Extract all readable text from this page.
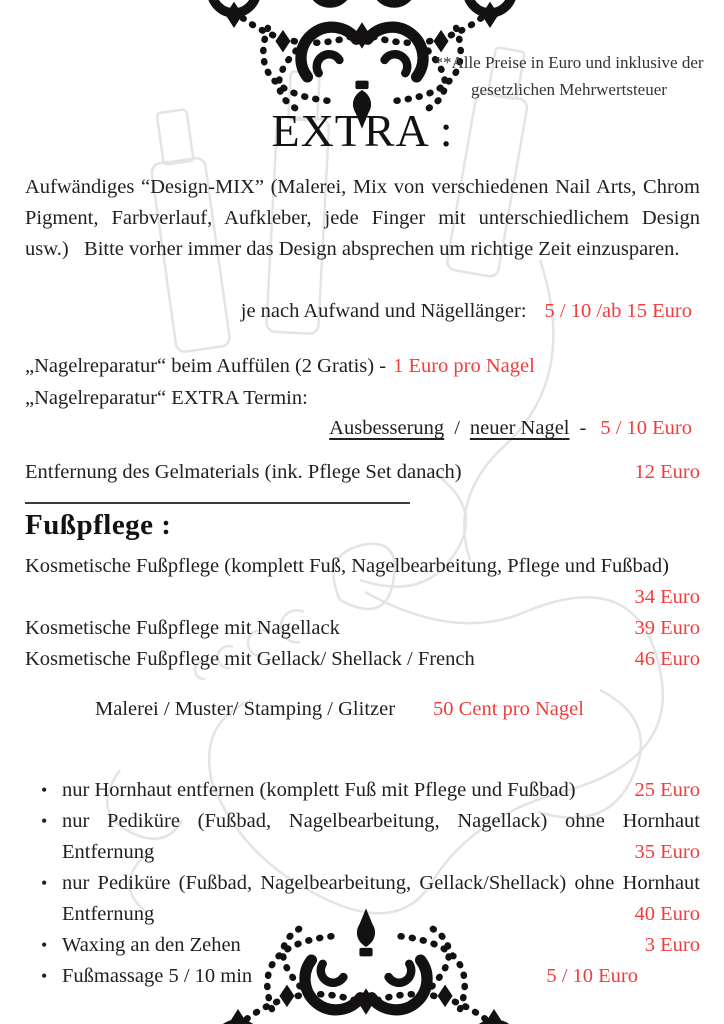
**Alle Preise in Euro und inklusive der gesetzlichen Mehrwertsteuer
EXTRA :

Aufwändiges “Design-MIX” (Malerei, Mix von verschiedenen Nail Arts, Chrom Pigment, Farbverlauf, Aufkleber, jede Finger mit unterschiedlichem Design usw.)   Bitte vorher immer das Design absprechen um richtige Zeit einzusparen.

je nach Aufwand und Nägellänger: 5 / 10 /ab 15 Euro
„Nagelreparatur“ beim Auffülen (2 Gratis) - 1 Euro pro Nagel
„Nagelreparatur“ EXTRA Termin:
Ausbesserung / neuer Nagel - 5 / 10 Euro
Entfernung des Gelmaterials (ink. Pflege Set danach)	12 Euro
Fußpflege :
Kosmetische Fußpflege (komplett Fuß, Nagelbearbeitung, Pflege und Fußbad)
34 Euro
Kosmetische Fußpflege mit Nagellack	39 Euro
Kosmetische Fußpflege mit Gellack/ Shellack / French	46 Euro
Malerei / Muster/ Stamping / Glitzer 50 Cent pro Nagel
• nur Hornhaut entfernen (komplett Fuß mit Pflege und Fußbad)	25 Euro
• nur Pediküre (Fußbad, Nagelbearbeitung, Nagellack) ohne Hornhaut Entfernung	35 Euro
• nur Pediküre (Fußbad, Nagelbearbeitung, Gellack/Shellack) ohne Hornhaut Entfernung	40 Euro
• Waxing an den Zehen	3 Euro
• Fußmassage 5 / 10 min	5 / 10 Euro
